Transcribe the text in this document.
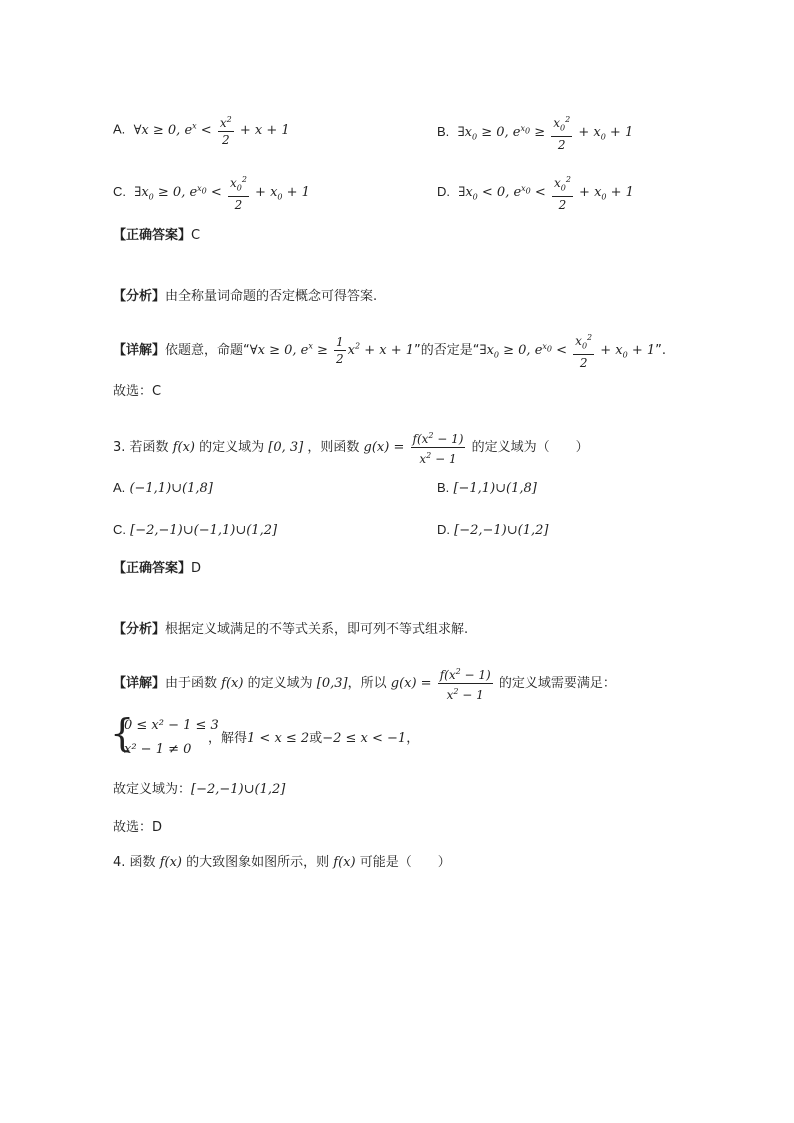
A.  ∀x ≥ 0, $e^x < \frac{x^2}{2} + x + 1$	B.  $\exists x_0 \ge 0$, $e^{x_0} \ge \frac{x_0^2}{2} + x_0 + 1$
C.  $\exists x_0 \ge 0$, $e^{x_0} < \frac{x_0^2}{2} + x_0 + 1$	D.  $\exists x_0 < 0$, $e^{x_0} < \frac{x_0^2}{2} + x_0 + 1$
【正确答案】C
【分析】由全称量词命题的否定概念可得答案.
【详解】依题意，命题“∀x ≥ 0, $e^x \ge \frac{1}{2} x^2 + x + 1$”的否定是“$\exists x_0 \ge 0$, $e^{x_0} < \frac{x_0^2}{2} + x_0 + 1$”.
故选：C
3. 若函数 f(x) 的定义域为 [0, 3] ，则函数 $g(x) = \frac{f(x^2 - 1)}{x^2 - 1}$ 的定义域为（　　）
A. (−1,1)∪(1,8]	B. [−1,1)∪(1,8]
C. [−2,−1)∪(−1,1)∪(1,2]	D. [−2,−1)∪(1,2]
【正确答案】D
【分析】根据定义域满足的不等式关系，即可列不等式组求解.
【详解】由于函数 f(x) 的定义域为 [0,3]，所以 $g(x) = \frac{f(x^2 - 1)}{x^2 - 1}$ 的定义域需要满足：
{
0 ≤ x² − 1 ≤ 3
x² − 1 ≠ 0
，解得1 < x ≤ 2或−2 ≤ x < −1，
故定义域为：[−2,−1)∪(1,2]
故选：D
4. 函数 f(x) 的大致图象如图所示，则 f(x) 可能是（　　）
